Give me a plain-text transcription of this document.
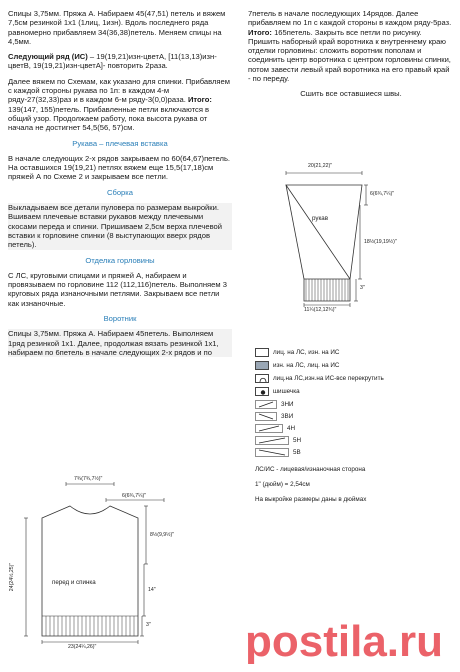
Спицы 3,75мм. Пряжа А. Набираем 45(47,51) петель и вяжем 7,5см резинкой 1х1 (1лиц, 1изн). Вдоль последнего ряда равномерно прибавляем 34(36,38)петель. Меняем спицы на 4,5мм.

Следующий ряд (ИС) – 19(19,21)изн-цветА, [11(13,13)изн-цветB, 19(19,21)изн-цветА]- повторить 2раза.

Далее вяжем по Схемам, как указано для спинки. Прибавляем с каждой стороны рукава по 1п: в каждом 4-м ряду-27(32,33)раз и в каждом 6-м ряду-3(0,0)раза. Итого: 139(147, 155)петель. Прибавленные петли включаются в общий узор. Продолжаем работу, пока высота рукава от начала не достигнет 54,5(56, 57)см.

Рукава – плечевая вставка

В начале следующих 2-х рядов закрываем по 60(64,67)петель. На оставшихся 19(19,21) петлях вяжем еще 15,5(17,18)см пряжей А по Схеме 2 и закрываем все петли.

Сборка

Выкладываем все детали пуловера по размерам выкройки. Вшиваем плечевые вставки рукавов между плечевыми скосами переда и спинки. Пришиваем 2,5см верха плечевой вставки к горловине спинки (8 выступающих вверх рядов петель).

Отделка горловины

С ЛС, круговыми спицами и пряжей А, набираем и провязываем по горловине 112 (112,116)петель. Выполняем 3 круговых ряда изнаночными петлями. Закрываем все петли как изнаночные.

Воротник

Спицы 3,75мм. Пряжа А. Набираем 45петель. Выполняем 1ряд резинкой 1х1. Далее, продолжая вязать резинкой 1х1, набираем по 6петель в начале следующих 2-х рядов и по

7петель в начале последующих 14рядов. Далее прибавляем по 1п с каждой стороны в каждом ряду-5раз. Итого: 165петель. Закрыть все петли по рисунку. Пришить наборный край воротника к внутреннему краю отделки горловины: сложить воротник пополам и соединить центр воротника с центром горловины спинки, потом завести левый край воротника на его правый край - по переду.

Сшить все оставшиеся швы.

20(21,22)"
6(6¾,7¼)"
18½(19,19½)"
3"
11¼(12,12¾)"
рукав
7¾(7¾,7½)"
6(6¾,7¼)"
8½(9,9½)"
14"
3"
24(24½,25)"
23(24¼,26)"
перед и спинка
лиц. на ЛС, изн. на ИС
изн. на ЛС, лиц. на ИС
лиц.на ЛС,изн.на ИС-все перекрутить
шишечка
3НИ
3ВИ
4Н
5Н
5В
ЛС/ИС - лицевая/изнаночная сторона
1" (дюйм) = 2,54см
На выкройке размеры даны в дюймах
postila.ru
